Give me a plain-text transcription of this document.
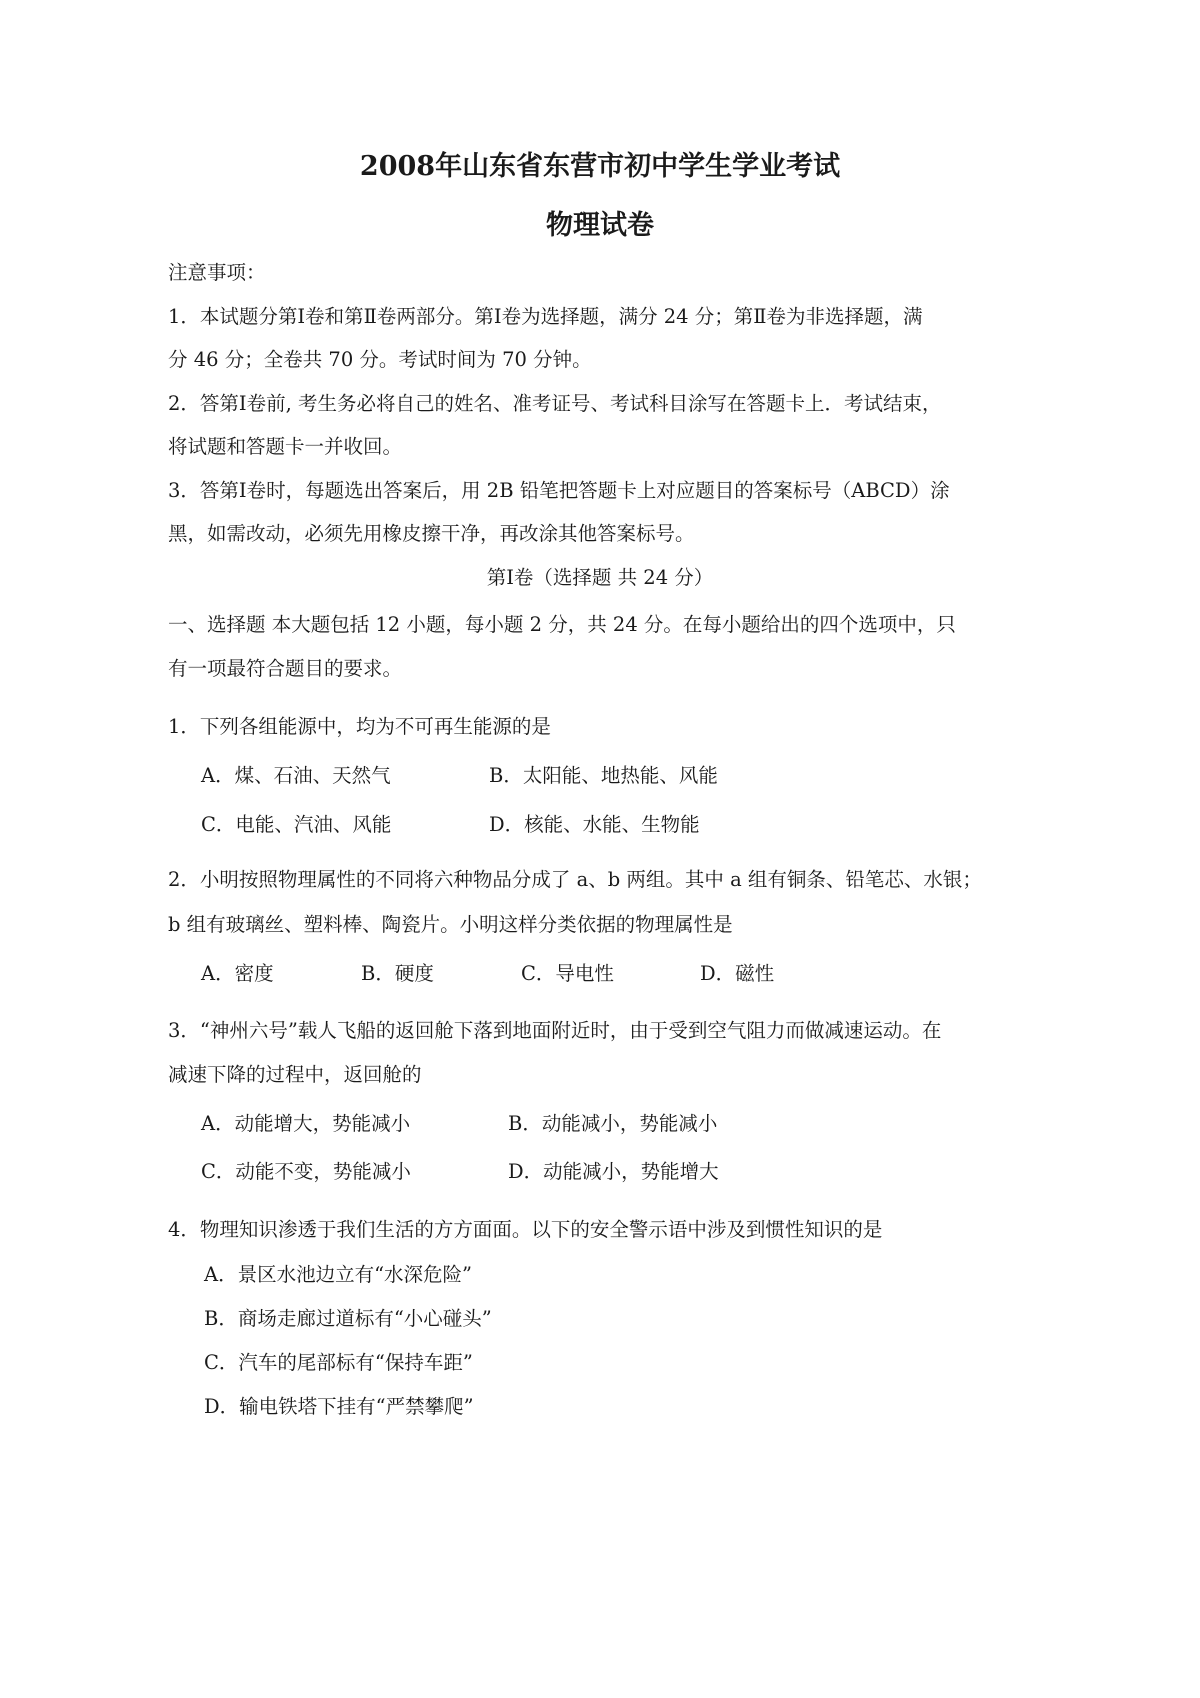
2008年山东省东营市初中学生学业考试
物理试卷
注意事项：
1．本试题分第Ⅰ卷和第Ⅱ卷两部分。第Ⅰ卷为选择题，满分 24 分；第Ⅱ卷为非选择题，满
分 46 分；全卷共 70 分。考试时间为 70 分钟。
2．答第Ⅰ卷前, 考生务必将自己的姓名、准考证号、考试科目涂写在答题卡上．考试结束，
将试题和答题卡一并收回。
3．答第Ⅰ卷时，每题选出答案后，用 2B 铅笔把答题卡上对应题目的答案标号（ABCD）涂
黑，如需改动，必须先用橡皮擦干净，再改涂其他答案标号。
第Ⅰ卷（选择题 共 24 分）
一、选择题 本大题包括 12 小题，每小题 2 分，共 24 分。在每小题给出的四个选项中，只
有一项最符合题目的要求。
1．下列各组能源中，均为不可再生能源的是
A．煤、石油、天然气	B．太阳能、地热能、风能
C．电能、汽油、风能	D．核能、水能、生物能
2．小明按照物理属性的不同将六种物品分成了 a、b 两组。其中 a 组有铜条、铅笔芯、水银；
b 组有玻璃丝、塑料棒、陶瓷片。小明这样分类依据的物理属性是
A．密度	B．硬度	C．导电性	D．磁性
3．“神州六号”载人飞船的返回舱下落到地面附近时，由于受到空气阻力而做减速运动。在
减速下降的过程中，返回舱的
A．动能增大，势能减小	B．动能减小，势能减小
C．动能不变，势能减小	D．动能减小，势能增大
4．物理知识渗透于我们生活的方方面面。以下的安全警示语中涉及到惯性知识的是
A．景区水池边立有“水深危险”
B．商场走廊过道标有“小心碰头”
C．汽车的尾部标有“保持车距”
D．输电铁塔下挂有“严禁攀爬”
